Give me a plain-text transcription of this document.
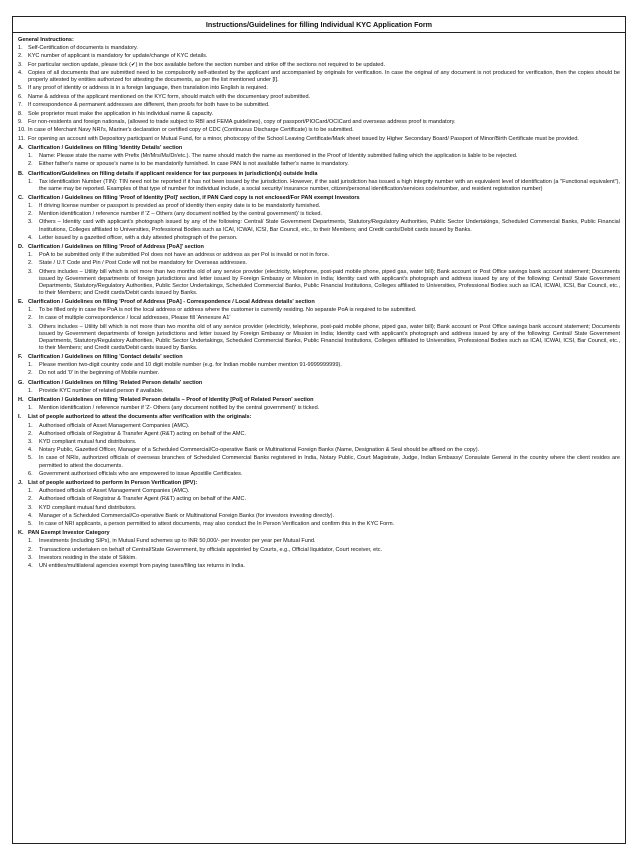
Instructions/Guidelines for filling Individual KYC Application Form
General Instructions:
1. Self-Certification of documents is mandatory.
2. KYC number of applicant is mandatory for update/change of KYC details.
3. For particular section update, please tick (✔) in the box available before the section number and strike off the sections not required to be updated.
4. Copies of all documents that are submitted need to be compulsorily self-attested by the applicant and accompanied by originals for verification. In case the original of any document is not produced for verification, then the copies should be properly attested by entities authorized for attesting the documents, as per the list mentioned under [I].
5. If any proof of identity or address is in a foreign language, then translation into English is required.
6. Name & address of the applicant mentioned on the KYC form, should match with the documentary proof submitted.
7. If correspondence & permanent addresses are different, then proofs for both have to be submitted.
8. Sole proprietor must make the application in his individual name & capacity.
9. For non-residents and foreign nationals, (allowed to trade subject to RBI and FEMA guidelines), copy of passport/PIOCard/OCICard and overseas address proof is mandatory.
10. In case of Merchant Navy NRI's, Mariner's declaration or certified copy of CDC (Continuous Discharge Certificate) is to be submitted.
11. For opening an account with Depository participant or Mutual Fund, for a minor, photocopy of the School Leaving Certificate/Mark sheet issued by Higher Secondary Board/ Passport of Minor/Birth Certificate must be provided.
A. Clarification / Guidelines on filling 'Identity Details' section
1.	Name: Please state the name with Prefix (Mr/Mrs/Ms/Dr/etc.). The name should match the name as mentioned in the Proof of Identity submitted failing which the application is liable to be rejected.
2.	Either father's name or spouse's name is to be mandatorily furnished. In case PAN is not available father's name is mandatory.
B. Clarification/Guidelines on filling details if applicant residence for tax purposes in jurisdiction(s) outside India
1.	Tax identification Number (TIN): TIN need not be reported if it has not been issued by the jurisdiction. However, if the said jurisdiction has issued a high integrity number with an equivalent level of identification (a "Functional equivalent"), the same may be reported. Examples of that type of number for individual include, a social security/ insurance number, citizen/personal identification/services code/number, and resident registration number)
C. Clarification / Guidelines on filling 'Proof of Identity [PoI]' section, if PAN Card copy is not enclosed/For PAN exempt Investors
1.	If driving license number or passport is provided as proof of identity then expiry date is to be mandatorily furnished.
2.	Mention identification / reference number if 'Z – Others (any document notified by the central government)' is ticked.
3.	Others – Identity card with applicant's photograph issued by any of the following: Central/ State Government Departments, Statutory/Regulatory Authorities, Public Sector Undertakings, Scheduled Commercial Banks, Public Financial Institutions, Colleges affiliated to Universities, Professional Bodies such as ICAI, ICWAI, ICSI, Bar Council, etc., to their Members; and Credit cards/Debit cards issued by Banks.
4.	Letter issued by a gazetted officer, with a duly attested photograph of the person.
D. Clarification / Guidelines on filling 'Proof of Address [PoA]' section
1.	PoA to be submitted only if the submitted PoI does not have an address or address as per PoI is invalid or not in force.
2.	State / U.T Code and Pin / Post Code will not be mandatory for Overseas addresses.
3.	Others includes – Utility bill which is not more than two months old of any service provider (electricity, telephone, post-paid mobile phone, piped gas, water bill); Bank account or Post Office savings bank account statement; Documents issued by Government departments of foreign jurisdictions and letter issued by Foreign Embassy or Mission in India; Identity card with applicant's photograph and address issued by any of the following: Central/ State Government Departments, Statutory/Regulatory Authorities, Public Sector Undertakings, Scheduled Commercial Banks, Public Financial Institutions, Colleges affiliated to Universities, Professional Bodies such as ICAI, ICWAI, ICSI, Bar Council, etc., to their Members; and Credit cards/Debit cards issued by Banks.
E. Clarification / Guidelines on filling 'Proof of Address [PoA] - Correspondence / Local Address details' section
1.	To be filled only in case the PoA is not the local address or address where the customer is currently residing. No separate PoA is required to be submitted.
2.	In case of multiple correspondence / local addresses, Please fill 'Annexure A1'
3.	Others includes – Utility bill which is not more than two months old of any service provider (electricity, telephone, post-paid mobile phone, piped gas, water bill); Bank account or Post Office savings bank account statement; Documents issued by Government departments of foreign jurisdictions and letter issued by Foreign Embassy or Mission in India; Identity card with applicant's photograph and address issued by any of the following: Central/ State Government Departments, Statutory/Regulatory Authorities, Public Sector Undertakings, Scheduled Commercial Banks, Public Financial Institutions, Colleges affiliated to Universities, Professional Bodies such as ICAI, ICWAI, ICSI, Bar Council, etc., to their Members; and Credit cards/Debit cards issued by Banks.
F.	Clarification / Guidelines on filling 'Contact details' section
1.	Please mention two-digit country code and 10 digit mobile number (e.g. for Indian mobile number mention 91-9999999999).
2.	Do not add '0' in the beginning of Mobile number.
G. Clarification / Guidelines on filling 'Related Person details' section
1.	Provide KYC number of related person if available.
H. Clarification / Guidelines on filling 'Related Person details – Proof of Identity [PoI] of Related Person' section
1.	Mention identification / reference number if 'Z- Others (any document notified by the central government)' is ticked.
I.	List of people authorized to attest the documents after verification with the originals:
1.	Authorised officials of Asset Management Companies (AMC).
2.	Authorised officials of Registrar & Transfer Agent (R&T) acting on behalf of the AMC.
3.	KYD compliant mutual fund distributors.
4.	Notary Public, Gazetted Officer, Manager of a Scheduled Commercial/Co-operative Bank or Multinational Foreign Banks (Name, Designation & Seal should be affixed on the copy).
5.	In case of NRIs, authorized officials of overseas branches of Scheduled Commercial Banks registered in India, Notary Public, Court Magistrate, Judge, Indian Embassy/ Consulate General in the country where the client resides are permitted to attest the documents.
6.	Government authorised officials who are empowered to issue Apostille Certificates.
J. List of people authorized to perform In Person Verification (IPV):
1.	Authorised officials of Asset Management Companies (AMC).
2.	Authorised officials of Registrar & Transfer Agent (R&T) acting on behalf of the AMC.
3.	KYD compliant mutual fund distributors.
4.	Manager of a Scheduled Commercial/Co-operative Bank or Multinational Foreign Banks (for investors investing directly).
5.	In case of NRI applicants, a person permitted to attest documents, may also conduct the In Person Verification and confirm this in the KYC Form.
K. PAN Exempt Investor Category
1.	Investments (including SIPs), in Mutual Fund schemes up to INR 50,000/- per investor per year per Mutual Fund.
2.	Transactions undertaken on behalf of Central/State Government, by officials appointed by Courts, e.g., Official liquidator, Court receiver, etc.
3.	Investors residing in the state of Sikkim.
4.	UN entities/multilateral agencies exempt from paying taxes/filing tax returns in India.
